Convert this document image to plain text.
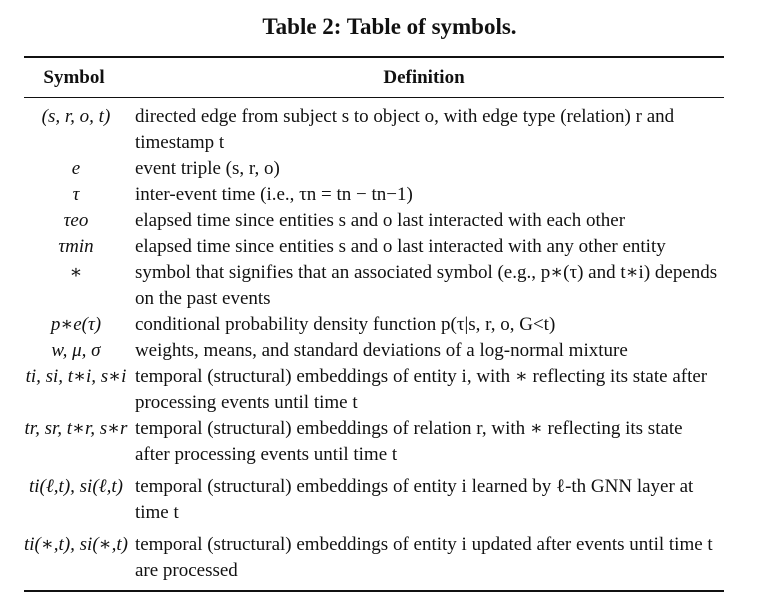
Table 2: Table of symbols.
Symbol	Definition
(s, r, o, t)	directed edge from subject s to object o, with edge type (relation) r and timestamp t
e	event triple (s, r, o)
τ	inter-event time (i.e., τn = tn − tn−1)
τeo	elapsed time since entities s and o last interacted with each other
τmin	elapsed time since entities s and o last interacted with any other entity
∗	symbol that signifies that an associated symbol (e.g., p∗(τ) and t∗i) depends on the past events
p∗e(τ)	conditional probability density function p(τ|s, r, o, G<t)
w, μ, σ	weights, means, and standard deviations of a log-normal mixture
ti, si, t∗i, s∗i	temporal (structural) embeddings of entity i, with ∗ reflecting its state after processing events until time t
tr, sr, t∗r, s∗r	temporal (structural) embeddings of relation r, with ∗ reflecting its state after processing events until time t
ti(ℓ,t), si(ℓ,t)	temporal (structural) embeddings of entity i learned by ℓ-th GNN layer at time t
ti(∗,t), si(∗,t)	temporal (structural) embeddings of entity i updated after events until time t are processed
